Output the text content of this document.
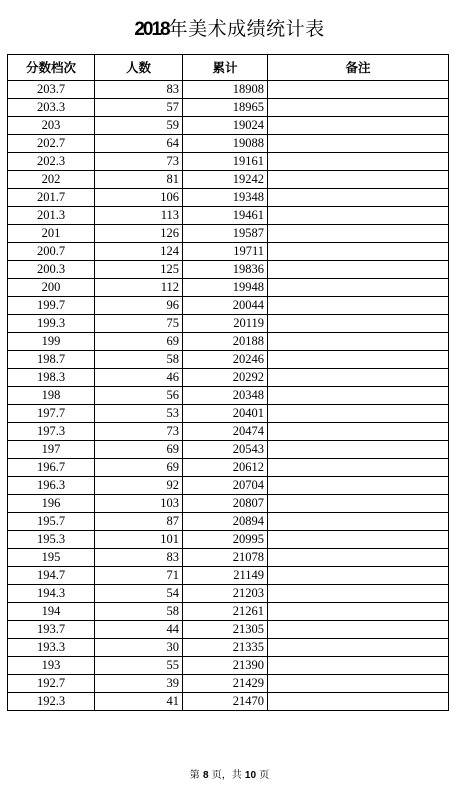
2018年美术成绩统计表
分数档次	人数	累计	备注
203.7	83	18908	
203.3	57	18965	
203	59	19024	
202.7	64	19088	
202.3	73	19161	
202	81	19242	
201.7	106	19348	
201.3	113	19461	
201	126	19587	
200.7	124	19711	
200.3	125	19836	
200	112	19948	
199.7	96	20044	
199.3	75	20119	
199	69	20188	
198.7	58	20246	
198.3	46	20292	
198	56	20348	
197.7	53	20401	
197.3	73	20474	
197	69	20543	
196.7	69	20612	
196.3	92	20704	
196	103	20807	
195.7	87	20894	
195.3	101	20995	
195	83	21078	
194.7	71	21149	
194.3	54	21203	
194	58	21261	
193.7	44	21305	
193.3	30	21335	
193	55	21390	
192.7	39	21429	
192.3	41	21470	
第 8 页，共 10 页
